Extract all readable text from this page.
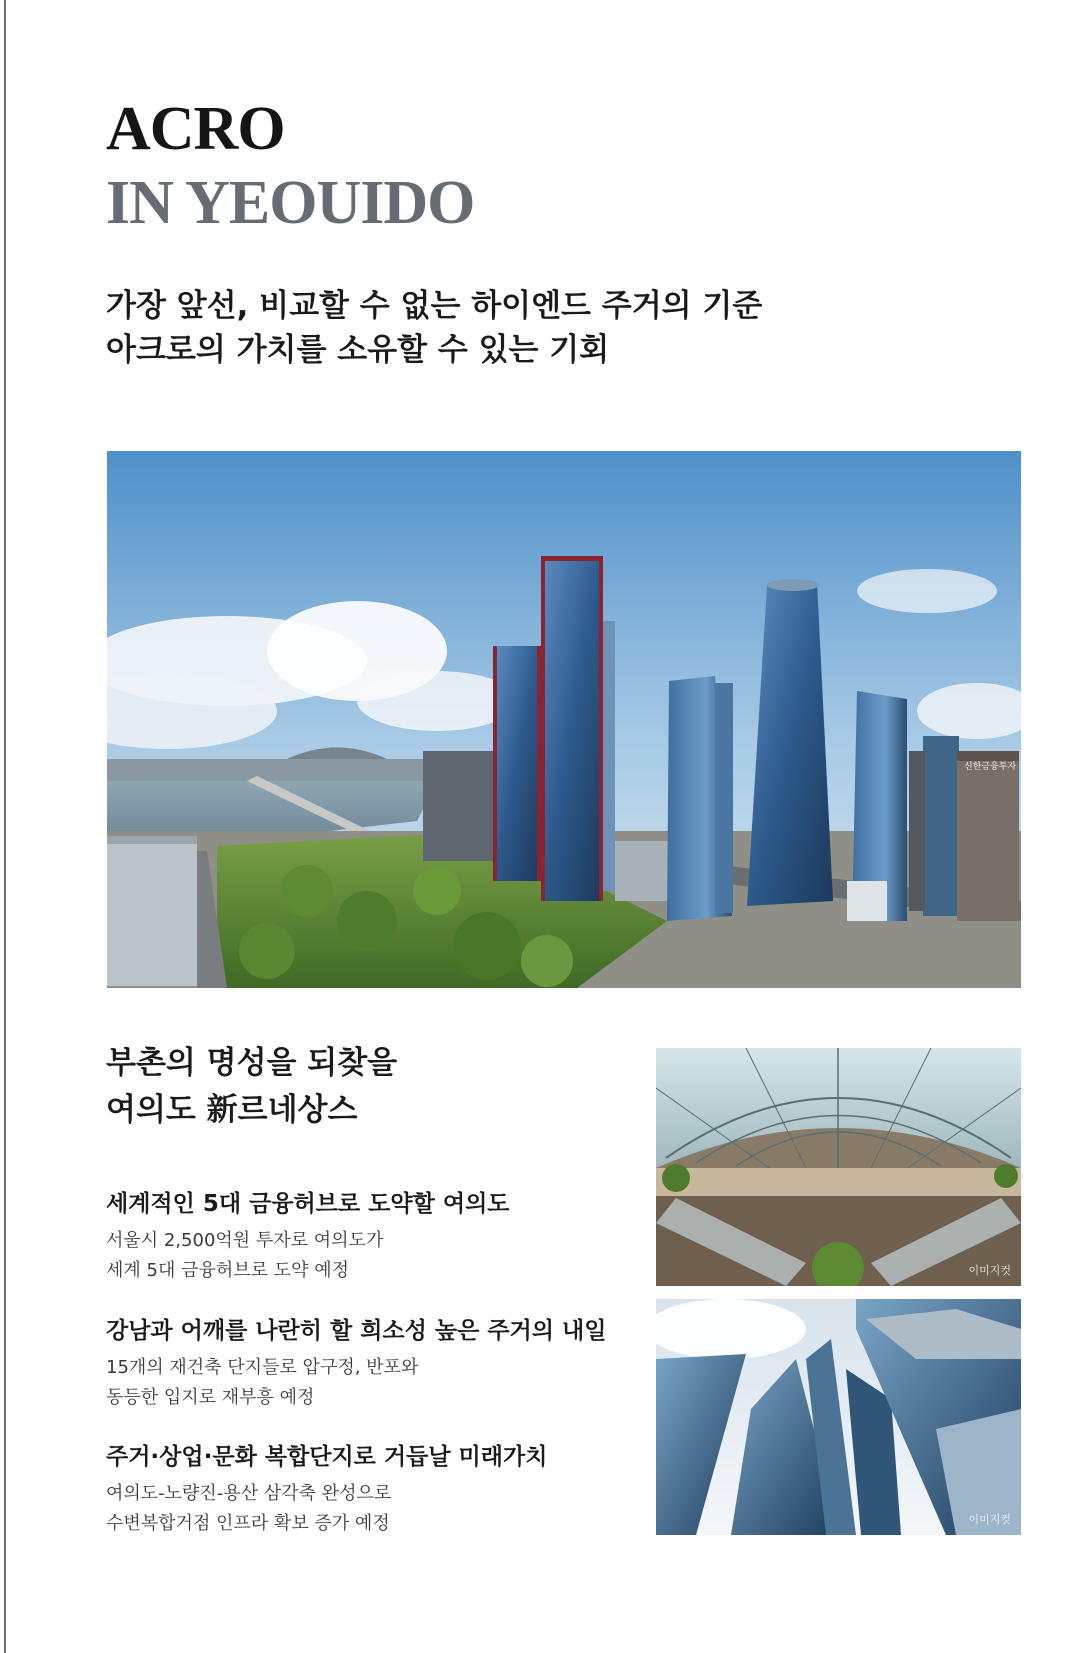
ACRO
IN YEOUIDO
가장 앞선, 비교할 수 없는 하이엔드 주거의 기준
아크로의 가치를 소유할 수 있는 기회
신한금융투자
부촌의 명성을 되찾을
여의도 新르네상스
세계적인 5대 금융허브로 도약할 여의도
서울시 2,500억원 투자로 여의도가
세계 5대 금융허브로 도약 예정
강남과 어깨를 나란히 할 희소성 높은 주거의 내일
15개의 재건축 단지들로 압구정, 반포와
동등한 입지로 재부흥 예정
주거·상업·문화 복합단지로 거듭날 미래가치
여의도-노량진-용산 삼각축 완성으로
수변복합거점 인프라 확보 증가 예정
이미지컷
이미지컷
